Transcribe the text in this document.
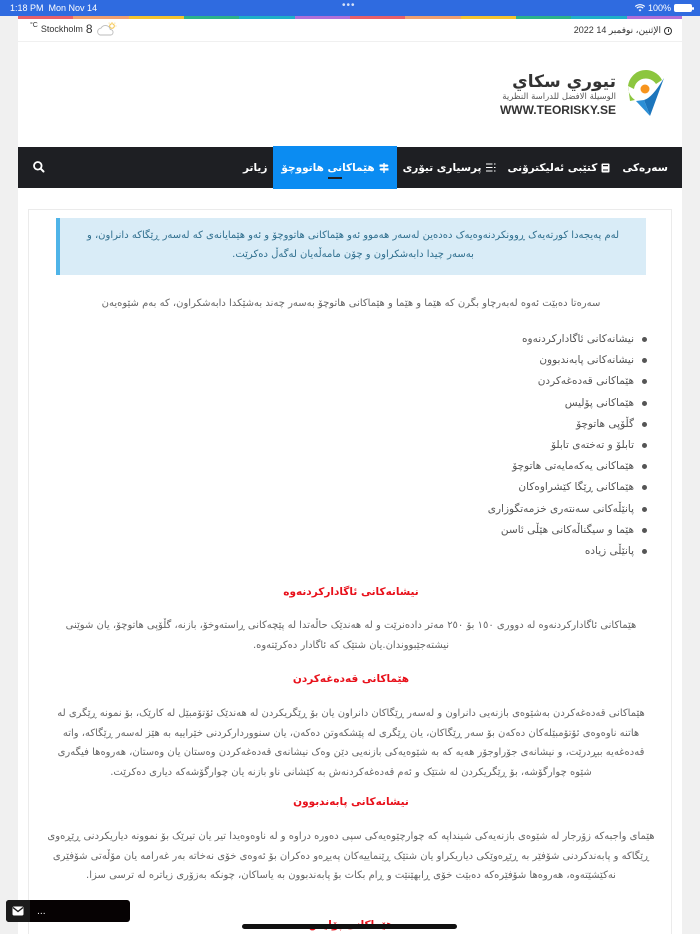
1:18 PM Mon Nov 14	•••	100%
°C Stockholm 8	الإثنين، نوفمبر 14 2022
تيوري سكاي
الوسيلة الافضل للدراسة النظرية
WWW.TEORISKY.SE
سەرەکی
کتێبی ئەلیکترۆنی
پرسیاری تیۆری
هێماکانی هاتووچۆ
زیاتر

لەم پەیجەدا کورتەیەک ڕوونکردنەوەیەک دەدەین لەسەر هەموو ئەو هێماکانی هاتووچۆ و ئەو هێمایانەی کە لەسەر ڕێگاکە دانراون، و بەسەر چیدا دابەشکراون و چۆن مامەڵەیان لەگەڵ دەکرێت.

سەرەتا دەبێت ئەوە لەبەرچاو بگرن کە هێما و هێما و هێماکانی هاتوچۆ بەسەر چەند بەشێکدا دابەشکراون، کە بەم شێوەیەن

نیشانەکانی ئاگادارکردنەوە
نیشانەکانی پابەندبوون
هێماکانی قەدەغەکردن
هێماکانی پۆلیس
گڵۆپی هاتوچۆ
تابلۆ و تەختەی تابلۆ
هێماکانی یەکەمایەتی هاتوچۆ
هێماکانی ڕێگا کێشراوەکان
پانێڵەکانی سەنتەری خزمەتگوزاری
هێما و سیگناڵەکانی هێڵی ئاسن
پانێڵی زیادە
نیشانەکانی ئاگادارکردنەوە

هێماکانی ئاگادارکردنەوە لە دووری ١٥٠ بۆ ٢٥٠ مەتر دادەنرێت و لە هەندێک حاڵەتدا لە پێچەکانی ڕاستەوخۆ، بازنە، گڵۆپی هاتوچۆ، یان شوێنی نیشتەجێبووندان.یان شتێک کە ئاگادار دەکرێتەوە.

هێماکانی قەدەغەکردن

هێماکانی قەدەغەکردن بەشێوەی بازنەیی دانراون و لەسەر ڕێگاکان دانراون یان بۆ ڕێگریکردن لە هەندێک ئۆتۆمبێل لە کارێک، بۆ نمونە ڕێگری لە هاتنە ناوەوەی ئۆتۆمبێلەکان دەکەن بۆ سەر ڕێگاکان، یان ڕێگری لە پێشکەوتن دەکەن، یان سنووردارکردنی خێراییە بە هێز لەسەر ڕێگاکە، واتە قەدەغەیە ببڕدرێت، و نیشانەی جۆراوجۆر هەیە کە بە شێوەیەکی بازنەیی دێن وەک نیشانەی قەدەغەکردن وەستان یان وەستان، هەروەها فیگەری شێوە چوارگۆشە، بۆ ڕێگریکردن لە شتێک و ئەم قەدەغەکردنەش بە کێشانی ناو بازنە یان چوارگۆشەکە دیاری دەکرێت.

نیشانەکانی پابەندبوون

هێمای واجبەکە زۆرجار لە شێوەی بازنەیەکی شینداپە کە چوارچێوەیەکی سپی دەورە دراوە و لە ناوەوەیدا تیر یان تیرێک بۆ نموونە دیاریکردنی ڕێڕەوی ڕێگاکە و پابەندکردنی شۆفێر بە ڕێڕەوێکی دیاریکراو یان شتێک ڕێنماییەکان پەیڕەو دەکران بۆ ئەوەی خۆی نەخاتە بەر غەرامە یان مۆڵەتی شۆفێری نەکێشێتەوە، هەروەها شۆفێرەکە دەبێت خۆی ڕابهێنێت و ڕام بکات بۆ پابەندبوون بە یاساکان، چونکە بەزۆری زیاترە لە ترسی سزا.

...
